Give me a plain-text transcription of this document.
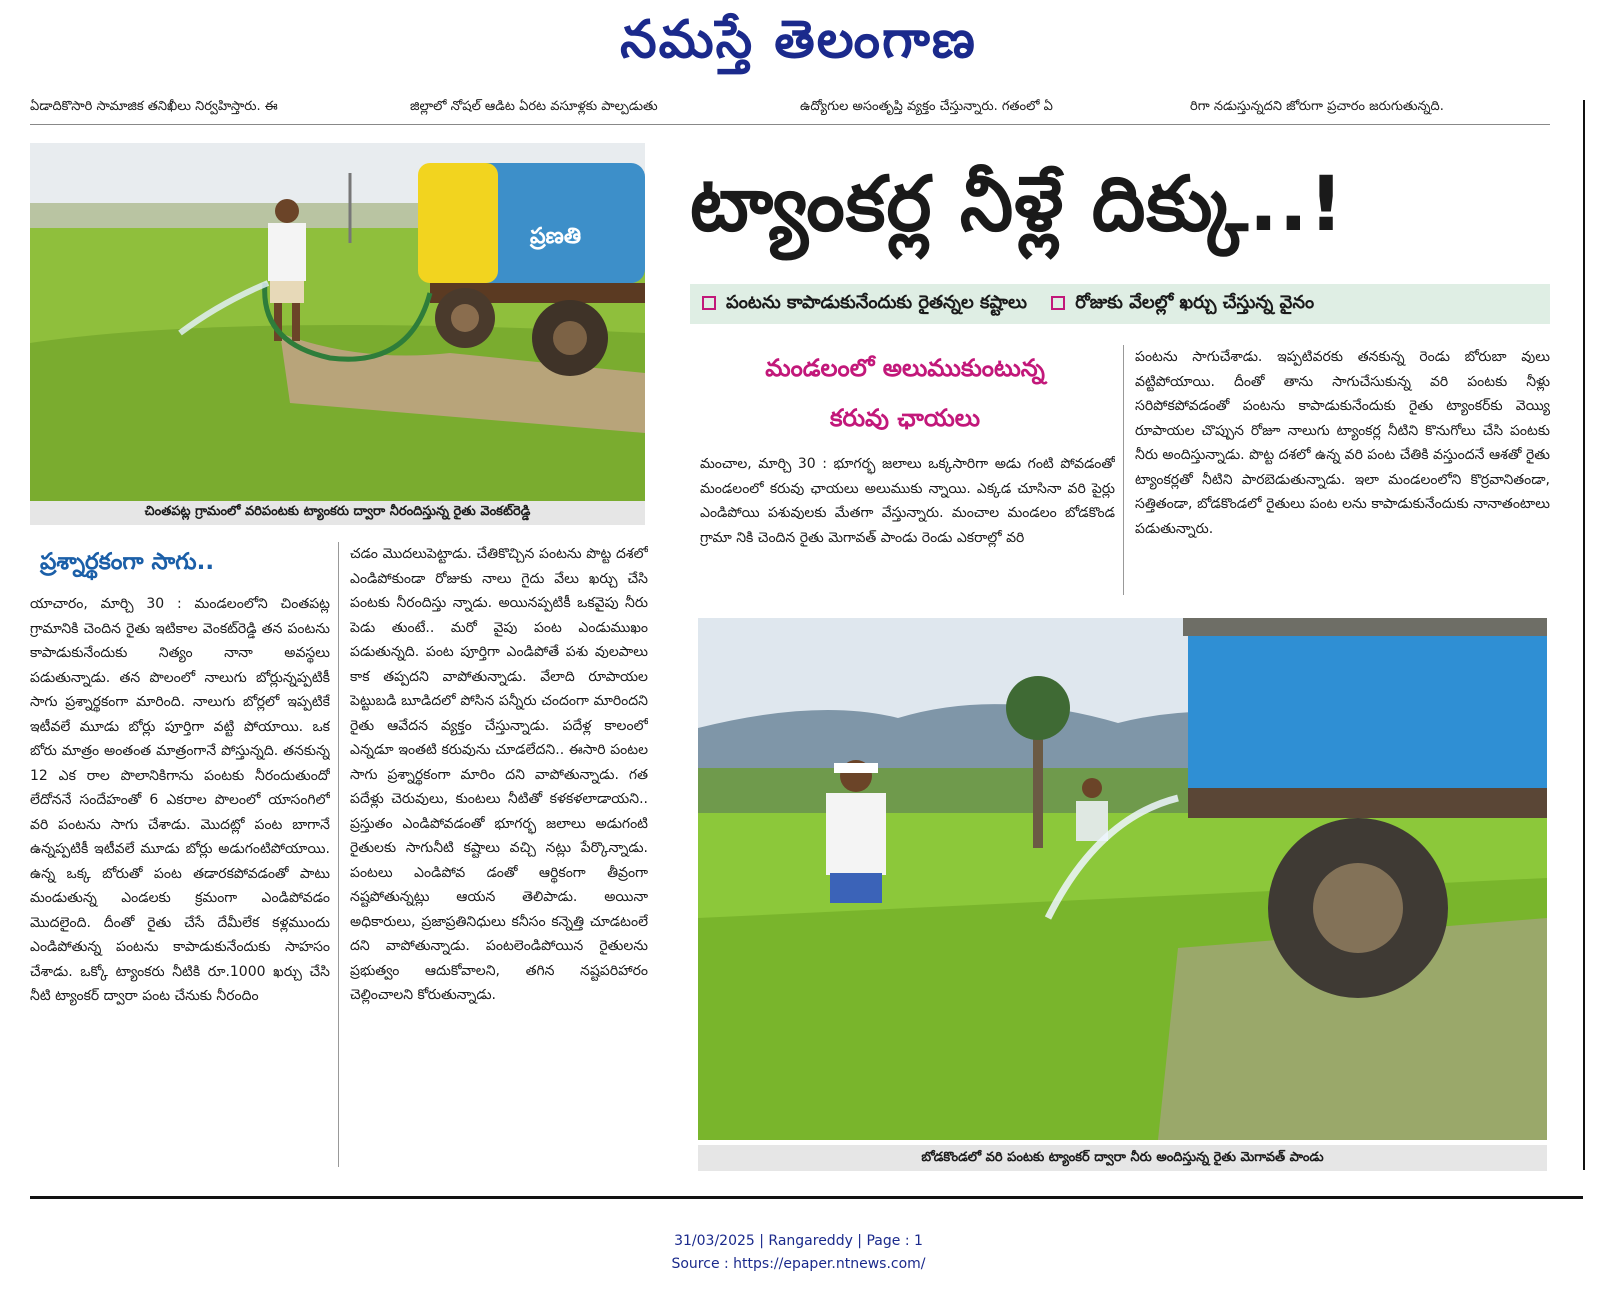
నమస్తే తెలంగాణ
ఏడాదికొసారి సామాజిక తనిఖీలు నిర్వహిస్తారు. ఈ	జిల్లాలో నోషల్ ఆడిట ఏరట వసూళ్లకు పాల్పడుతు	ఉద్యోగుల అసంతృప్తి వ్యక్తం చేస్తున్నారు. గతంలో ఏ	రిగా నడుస్తున్నదని జోరుగా ప్రచారం జరుగుతున్నది.
ప్రణతి
చింతపట్ల గ్రామంలో వరిపంటకు ట్యాంకరు ద్వారా నీరందిస్తున్న రైతు వెంకట్‌రెడ్డి
ట్యాంకర్ల నీళ్లే దిక్కు..!
పంటను కాపాడుకునేందుకు రైతన్నల కష్టాలు	రోజుకు వేలల్లో ఖర్చు చేస్తున్న వైనం
మండలంలో అలుముకుంటున్న
కరువు ఛాయలు
మంచాల, మార్చి 30 : భూగర్భ జలాలు ఒక్కసారిగా అడు గంటి పోవడంతో మండలంలో కరువు ఛాయలు అలుముకు న్నాయి. ఎక్కడ చూసినా వరి పైర్లు ఎండిపోయి పశువులకు మేతగా వేస్తున్నారు. మంచాల మండలం బోడకొండ గ్రామా నికి చెందిన రైతు మెగావత్ పాండు రెండు ఎకరాల్లో వరి
పంటను సాగుచేశాడు. ఇప్పటివరకు తనకున్న రెండు బోరుబా వులు వట్టిపోయాయి. దీంతో తాను సాగుచేసుకున్న వరి పంటకు నీళ్లు సరిపోకపోవడంతో పంటను కాపాడుకునేందుకు రైతు ట్యాంకర్‌కు వెయ్యి రూపాయల చొప్పున రోజూ నాలుగు ట్యాంకర్ల నీటిని కొనుగోలు చేసి పంటకు నీరు అందిస్తున్నాడు. పొట్ట దశలో ఉన్న వరి పంట చేతికి వస్తుందనే ఆశతో రైతు ట్యాంకర్లతో నీటిని పారబెడుతున్నాడు. ఇలా మండలంలోని కొర్రవానితండా, సత్తితండా, బోడకొండలో రైతులు పంట లను కాపాడుకునేందుకు నానాతంటాలు పడుతున్నారు.
ప్రశ్నార్థకంగా సాగు..
యాచారం, మార్చి 30 : మండలంలోని చింతపట్ల గ్రామానికి చెందిన రైతు ఇటికాల వెంకట్‌రెడ్డి తన పంటను కాపాడుకునేందుకు నిత్యం నానా అవస్థలు పడుతున్నాడు. తన పొలంలో నాలుగు బోర్లున్నప్పటికీ సాగు ప్రశ్నార్థకంగా మారింది. నాలుగు బోర్లలో ఇప్పటికే ఇటీవలే మూడు బోర్లు పూర్తిగా వట్టి పోయాయి. ఒక బోరు మాత్రం అంతంత మాత్రంగానే పోస్తున్నది. తనకున్న 12 ఎక రాల పొలానికిగాను పంటకు నీరందుతుందో లేదోననే సందేహంతో 6 ఎకరాల పొలంలో యాసంగిలో వరి పంటను సాగు చేశాడు. మొదట్లో పంట బాగానే ఉన్నప్పటికీ ఇటీవలే మూడు బోర్లు అడుగంటిపోయాయి. ఉన్న ఒక్క బోరుతో పంట తడారకపోవడంతో పాటు మండుతున్న ఎండలకు క్రమంగా ఎండిపోవడం మొదలైంది. దీంతో రైతు చేసే దేమీలేక కళ్లముందు ఎండిపోతున్న పంటను కాపాడుకునేందుకు సాహసం చేశాడు. ఒక్కో ట్యాంకరు నీటికి రూ.1000 ఖర్చు చేసి నీటి ట్యాంకర్ ద్వారా పంట చేనుకు నీరందిం
చడం మొదలుపెట్టాడు. చేతికొచ్చిన పంటను పొట్ట దశలో ఎండిపోకుండా రోజుకు నాలు గైదు వేలు ఖర్చు చేసి పంటకు నీరందిస్తు న్నాడు. అయినప్పటికీ ఒకవైపు నీరు పెడు తుంటే.. మరో వైపు పంట ఎండుముఖం పడుతున్నది. పంట పూర్తిగా ఎండిపోతే పశు వులపాలు కాక తప్పదని వాపోతున్నాడు. వేలాది రూపాయల పెట్టుబడి బూడిదలో పోసిన పన్నీరు చందంగా మారిందని రైతు ఆవేదన వ్యక్తం చేస్తున్నాడు. పదేళ్ల కాలంలో ఎన్నడూ ఇంతటి కరువును చూడలేదని.. ఈసారి పంటల సాగు ప్రశ్నార్థకంగా మారిం దని వాపోతున్నాడు. గత పదేళ్లు చెరువులు, కుంటలు నీటితో కళకళలాడాయని.. ప్రస్తుతం ఎండిపోవడంతో భూగర్భ జలాలు అడుగంటి రైతులకు సాగునీటి కష్టాలు వచ్చి నట్లు పేర్కొన్నాడు. పంటలు ఎండిపోవ డంతో ఆర్థికంగా తీవ్రంగా నష్టపోతున్నట్లు ఆయన తెలిపాడు. అయినా అధికారులు, ప్రజాప్రతినిధులు కనీసం కన్నెత్తి చూడటంలే దని వాపోతున్నాడు. పంటలెండిపోయిన రైతులను ప్రభుత్వం ఆదుకోవాలని, తగిన నష్టపరిహారం చెల్లించాలని కోరుతున్నాడు.
బోడకొండలో వరి పంటకు ట్యాంకర్ ద్వారా నీరు అందిస్తున్న రైతు మెగావత్ పాండు
31/03/2025 | Rangareddy | Page : 1
Source : https://epaper.ntnews.com/
